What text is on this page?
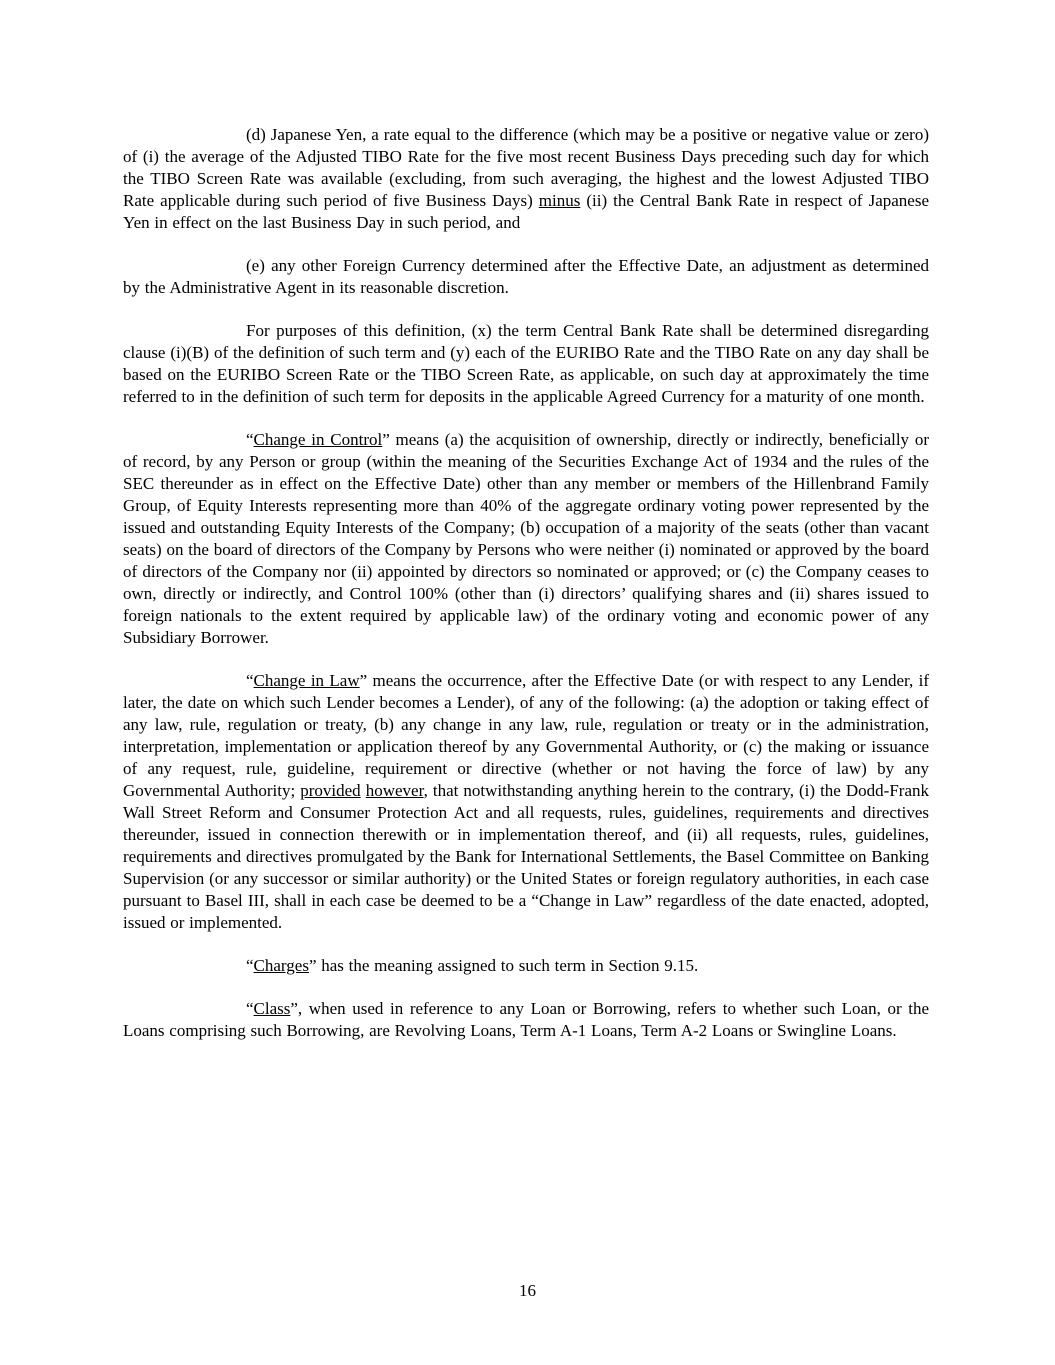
(d) Japanese Yen, a rate equal to the difference (which may be a positive or negative value or zero) of (i) the average of the Adjusted TIBO Rate for the five most recent Business Days preceding such day for which the TIBO Screen Rate was available (excluding, from such averaging, the highest and the lowest Adjusted TIBO Rate applicable during such period of five Business Days) minus (ii) the Central Bank Rate in respect of Japanese Yen in effect on the last Business Day in such period, and

(e) any other Foreign Currency determined after the Effective Date, an adjustment as determined by the Administrative Agent in its reasonable discretion.

For purposes of this definition, (x) the term Central Bank Rate shall be determined disregarding clause (i)(B) of the definition of such term and (y) each of the EURIBO Rate and the TIBO Rate on any day shall be based on the EURIBO Screen Rate or the TIBO Screen Rate, as applicable, on such day at approximately the time referred to in the definition of such term for deposits in the applicable Agreed Currency for a maturity of one month.

“Change in Control” means (a) the acquisition of ownership, directly or indirectly, beneficially or of record, by any Person or group (within the meaning of the Securities Exchange Act of 1934 and the rules of the SEC thereunder as in effect on the Effective Date) other than any member or members of the Hillenbrand Family Group, of Equity Interests representing more than 40% of the aggregate ordinary voting power represented by the issued and outstanding Equity Interests of the Company; (b) occupation of a majority of the seats (other than vacant seats) on the board of directors of the Company by Persons who were neither (i) nominated or approved by the board of directors of the Company nor (ii) appointed by directors so nominated or approved; or (c) the Company ceases to own, directly or indirectly, and Control 100% (other than (i) directors’ qualifying shares and (ii) shares issued to foreign nationals to the extent required by applicable law) of the ordinary voting and economic power of any Subsidiary Borrower.

“Change in Law” means the occurrence, after the Effective Date (or with respect to any Lender, if later, the date on which such Lender becomes a Lender), of any of the following: (a) the adoption or taking effect of any law, rule, regulation or treaty, (b) any change in any law, rule, regulation or treaty or in the administration, interpretation, implementation or application thereof by any Governmental Authority, or (c) the making or issuance of any request, rule, guideline, requirement or directive (whether or not having the force of law) by any Governmental Authority; provided however, that notwithstanding anything herein to the contrary, (i) the Dodd-Frank Wall Street Reform and Consumer Protection Act and all requests, rules, guidelines, requirements and directives thereunder, issued in connection therewith or in implementation thereof, and (ii) all requests, rules, guidelines, requirements and directives promulgated by the Bank for International Settlements, the Basel Committee on Banking Supervision (or any successor or similar authority) or the United States or foreign regulatory authorities, in each case pursuant to Basel III, shall in each case be deemed to be a “Change in Law” regardless of the date enacted, adopted, issued or implemented.

“Charges” has the meaning assigned to such term in Section 9.15.

“Class”, when used in reference to any Loan or Borrowing, refers to whether such Loan, or the Loans comprising such Borrowing, are Revolving Loans, Term A-1 Loans, Term A-2 Loans or Swingline Loans.

16
